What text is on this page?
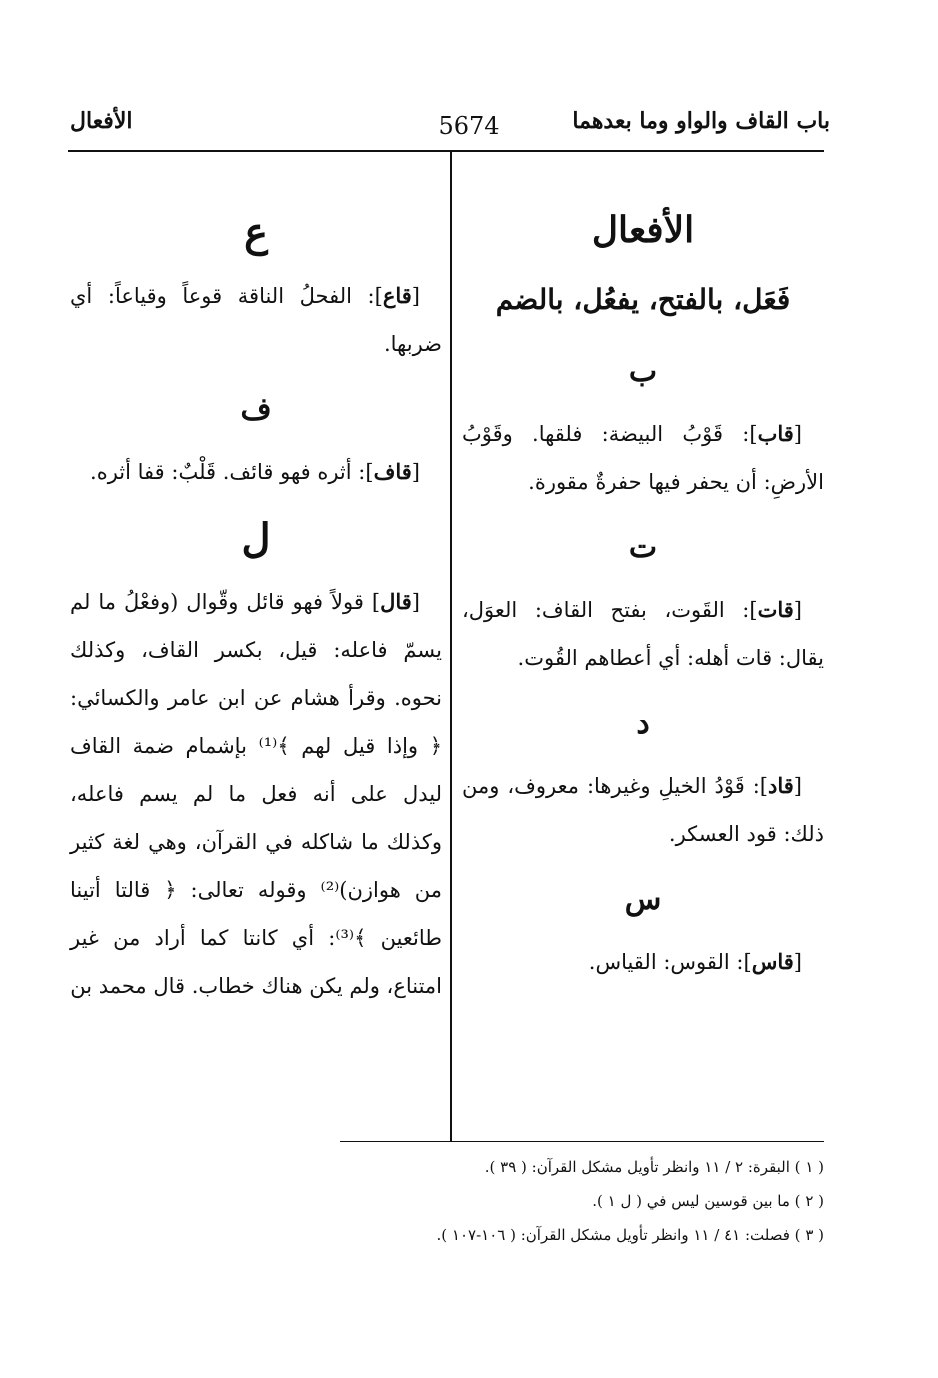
باب القاف والواو وما بعدهما
5674
الأفعال

الأفعال

فَعَل، بالفتح، يفعُل، بالضم

ب

[قاب]: قَوْبُ البيضة: فلقها. وقَوْبُ الأرضِ: أن يحفر فيها حفرةٌ مقورة.

ت

[قات]: القَوت، بفتح القاف: العوَل، يقال: قات أهله: أي أعطاهم القُوت.

د

[قاد]: قَوْدُ الخيلِ وغيرها: معروف، ومن ذلك: قود العسكر.

س

[قاس]: القوس: القياس.

ع

[قاع]: الفحلُ الناقة قوعاً وقياعاً: أي ضربها.

ف

[قاف]: أثره فهو قائف. قَلْبٌ: قفا أثره.

ل

[قال] قولاً فهو قائل وقّوال (وفعْلُ ما لم يسمّ فاعله: قيل، بكسر القاف، وكذلك نحوه. وقرأ هشام عن ابن عامر والكسائي: ﴿ وإذا قيل لهم ﴾⁽¹⁾ بإشمام ضمة القاف ليدل على أنه فعل ما لم يسم فاعله، وكذلك ما شاكله في القرآن، وهي لغة كثير من هوازن)⁽²⁾ وقوله تعالى: ﴿ قالتا أتينا طائعين ﴾⁽³⁾: أي كانتا كما أراد من غير امتناع، ولم يكن هناك خطاب. قال محمد بن

( ١ ) البقرة: ٢ / ١١ وانظر تأويل مشكل القرآن: ( ٣٩ ).

( ٢ ) ما بين قوسين ليس في ( ل ١ ).

( ٣ ) فصلت: ٤١ / ١١ وانظر تأويل مشكل القرآن: ( ١٠٦-١٠٧ ).
